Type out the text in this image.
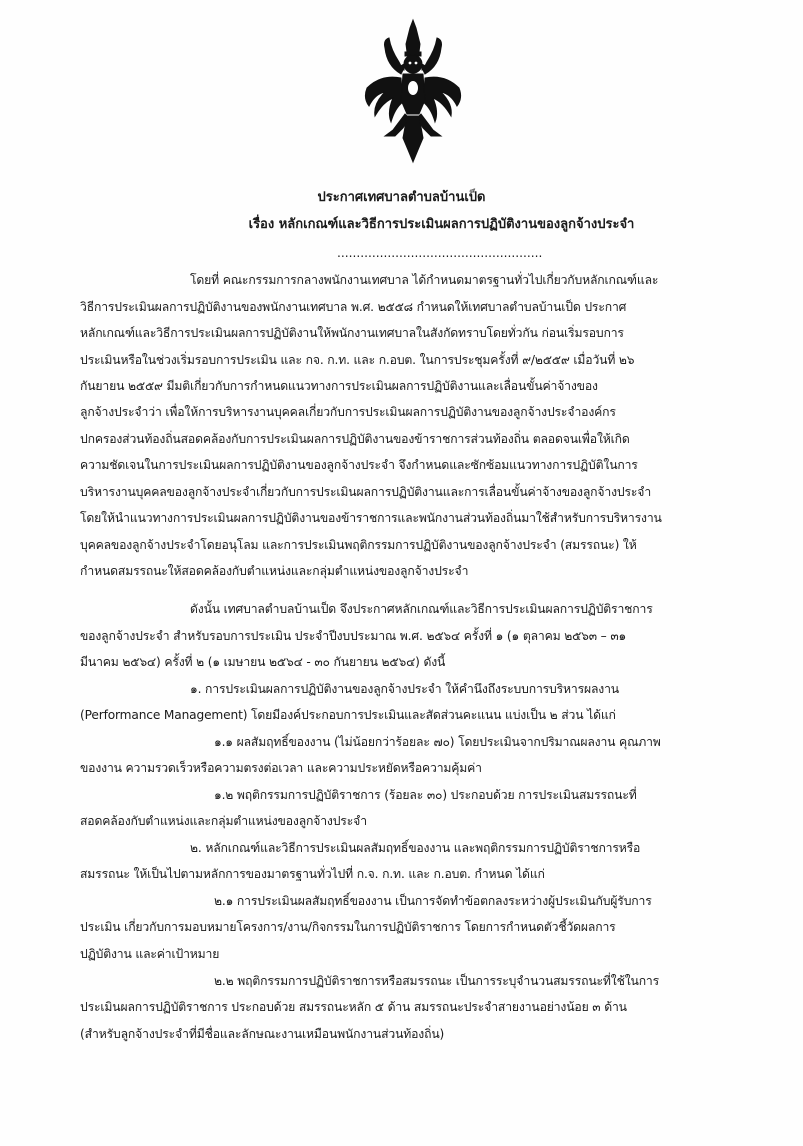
ประกาศเทศบาลตำบลบ้านเป็ด
เรื่อง หลักเกณฑ์และวิธีการประเมินผลการปฏิบัติงานของลูกจ้างประจำ
.....................................................
โดยที่ คณะกรรมการกลางพนักงานเทศบาล ได้กำหนดมาตรฐานทั่วไปเกี่ยวกับหลักเกณฑ์และ
วิธีการประเมินผลการปฏิบัติงานของพนักงานเทศบาล พ.ศ. ๒๕๕๘ กำหนดให้เทศบาลตำบลบ้านเป็ด ประกาศ
หลักเกณฑ์และวิธีการประเมินผลการปฏิบัติงานให้พนักงานเทศบาลในสังกัดทราบโดยทั่วกัน ก่อนเริ่มรอบการ
ประเมินหรือในช่วงเริ่มรอบการประเมิน และ กจ. ก.ท. และ ก.อบต. ในการประชุมครั้งที่ ๙/๒๕๕๙ เมื่อวันที่ ๒๖
กันยายน ๒๕๕๙ มีมติเกี่ยวกับการกำหนดแนวทางการประเมินผลการปฏิบัติงานและเลื่อนขั้นค่าจ้างของ
ลูกจ้างประจำว่า เพื่อให้การบริหารงานบุคคลเกี่ยวกับการประเมินผลการปฏิบัติงานของลูกจ้างประจำองค์กร
ปกครองส่วนท้องถิ่นสอดคล้องกับการประเมินผลการปฏิบัติงานของข้าราชการส่วนท้องถิ่น ตลอดจนเพื่อให้เกิด
ความชัดเจนในการประเมินผลการปฏิบัติงานของลูกจ้างประจำ จึงกำหนดและซักซ้อมแนวทางการปฏิบัติในการ
บริหารงานบุคคลของลูกจ้างประจำเกี่ยวกับการประเมินผลการปฏิบัติงานและการเลื่อนขั้นค่าจ้างของลูกจ้างประจำ
โดยให้นำแนวทางการประเมินผลการปฏิบัติงานของข้าราชการและพนักงานส่วนท้องถิ่นมาใช้สำหรับการบริหารงาน
บุคคลของลูกจ้างประจำโดยอนุโลม และการประเมินพฤติกรรมการปฏิบัติงานของลูกจ้างประจำ (สมรรถนะ) ให้
กำหนดสมรรถนะให้สอดคล้องกับตำแหน่งและกลุ่มตำแหน่งของลูกจ้างประจำ
ดังนั้น เทศบาลตำบลบ้านเป็ด จึงประกาศหลักเกณฑ์และวิธีการประเมินผลการปฏิบัติราชการ
ของลูกจ้างประจำ สำหรับรอบการประเมิน ประจำปีงบประมาณ พ.ศ. ๒๕๖๔ ครั้งที่ ๑ (๑ ตุลาคม ๒๕๖๓ – ๓๑
มีนาคม ๒๕๖๔) ครั้งที่ ๒ (๑ เมษายน ๒๕๖๔ - ๓๐ กันยายน ๒๕๖๔) ดังนี้
๑. การประเมินผลการปฏิบัติงานของลูกจ้างประจำ ให้คำนึงถึงระบบการบริหารผลงาน
(Performance Management) โดยมีองค์ประกอบการประเมินและสัดส่วนคะแนน แบ่งเป็น ๒ ส่วน ได้แก่
๑.๑ ผลสัมฤทธิ์ของงาน (ไม่น้อยกว่าร้อยละ ๗๐) โดยประเมินจากปริมาณผลงาน คุณภาพ
ของงาน ความรวดเร็วหรือความตรงต่อเวลา และความประหยัดหรือความคุ้มค่า
๑.๒ พฤติกรรมการปฏิบัติราชการ (ร้อยละ ๓๐) ประกอบด้วย การประเมินสมรรถนะที่
สอดคล้องกับตำแหน่งและกลุ่มตำแหน่งของลูกจ้างประจำ
๒. หลักเกณฑ์และวิธีการประเมินผลสัมฤทธิ์ของงาน และพฤติกรรมการปฏิบัติราชการหรือ
สมรรถนะ ให้เป็นไปตามหลักการของมาตรฐานทั่วไปที่ ก.จ. ก.ท. และ ก.อบต. กำหนด ได้แก่
๒.๑ การประเมินผลสัมฤทธิ์ของงาน เป็นการจัดทำข้อตกลงระหว่างผู้ประเมินกับผู้รับการ
ประเมิน เกี่ยวกับการมอบหมายโครงการ/งาน/กิจกรรมในการปฏิบัติราชการ โดยการกำหนดตัวชี้วัดผลการ
ปฏิบัติงาน และค่าเป้าหมาย
๒.๒ พฤติกรรมการปฏิบัติราชการหรือสมรรถนะ เป็นการระบุจำนวนสมรรถนะที่ใช้ในการ
ประเมินผลการปฏิบัติราชการ ประกอบด้วย สมรรถนะหลัก ๕ ด้าน สมรรถนะประจำสายงานอย่างน้อย ๓ ด้าน
(สำหรับลูกจ้างประจำที่มีชื่อและลักษณะงานเหมือนพนักงานส่วนท้องถิ่น)
